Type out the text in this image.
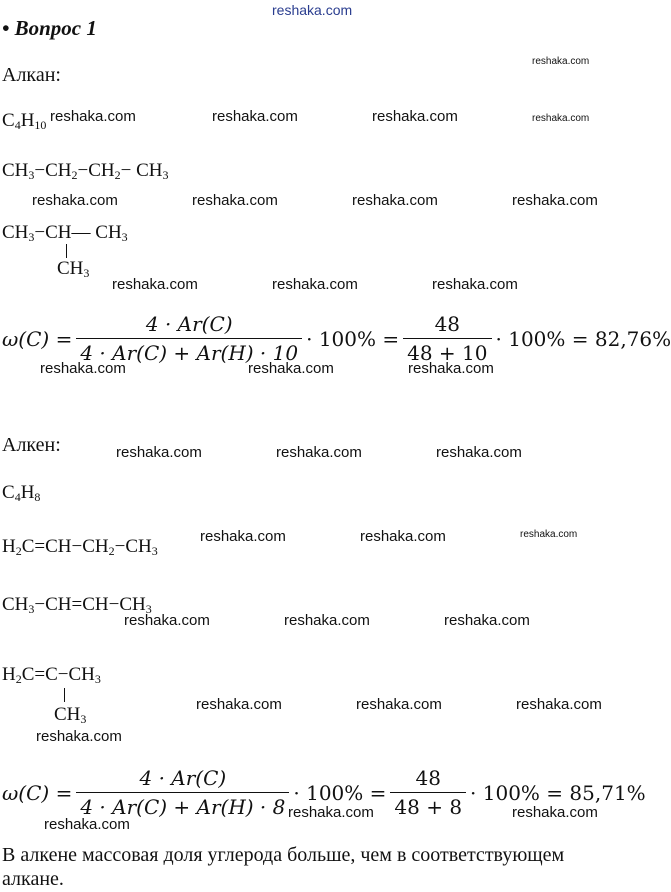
reshaka.com
• Вопрос 1
Алкан:
$C_4H_{10}$
$CH_3-CH_2-CH_2- CH_3$
$CH_3-CH—$ $CH_3$
$CH_3$
$\omega(C) = \frac{4 \cdot Ar(C)}{4 \cdot Ar(C) + Ar(H) \cdot 10} \cdot 100\% = \frac{48}{48 + 10} \cdot 100\% = 82,76\%$
Алкен:
$C_4H_8$
$H_2C=CH-CH_2-CH_3$
$CH_3-CH=CH-CH_3$
$H_2C=C-CH_3$
$CH_3$
$\omega(C) = \frac{4 \cdot Ar(C)}{4 \cdot Ar(C) + Ar(H) \cdot 8} \cdot 100\% = \frac{48}{48 + 8} \cdot 100\% = 85,71\%$
В алкене массовая доля углерода больше, чем в соответствующем
алкане.
reshaka.com
reshaka.com	reshaka.com	reshaka.com	reshaka.com
reshaka.com	reshaka.com	reshaka.com	reshaka.com
reshaka.com	reshaka.com	reshaka.com
reshaka.com	reshaka.com	reshaka.com
reshaka.com	reshaka.com	reshaka.com
reshaka.com	reshaka.com	reshaka.com
reshaka.com	reshaka.com	reshaka.com
reshaka.com	reshaka.com	reshaka.com
reshaka.com
reshaka.com
reshaka.com	reshaka.com
